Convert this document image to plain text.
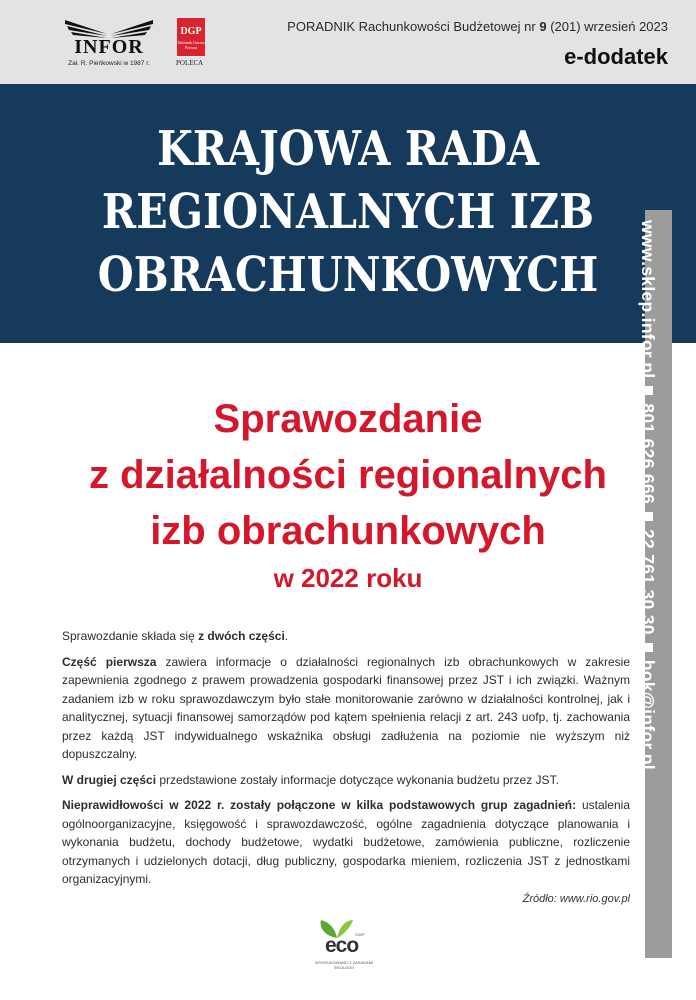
INFOR
Zał. R. Pieńkowski w 1987 r.
DGP
Dziennik Gazeta Prawna
POLECA
PORADNIK Rachunkowości Budżetowej nr 9 (201) wrzesień 2023
e-dodatek
KRAJOWA RADA
REGIONALNYCH IZB
OBRACHUNKOWYCH	www.sklep.infor.pl801 626 66622 761 30 30bok@infor.pl
Sprawozdanie
z działalności regionalnych
izb obrachunkowych
w 2022 roku

Sprawozdanie składa się z dwóch części.

Część pierwsza zawiera informacje o działalności regionalnych izb obrachunkowych w zakresie zapewnienia zgodnego z prawem prowadzenia gospodarki finansowej przez JST i ich związki. Ważnym zadaniem izb w roku sprawozdawczym było stałe monitorowanie zarówno w działalności kontrolnej, jak i analitycznej, sytuacji finansowej samorządów pod kątem spełnienia relacji z art. 243 uofp, tj. zachowania przez każdą JST indywidualnego wskaźnika obsługi zadłużenia na poziomie nie wyższym niż dopuszczalny.

W drugiej części przedstawione zostały informacje dotyczące wykonania budżetu przez JST.

Nieprawidłowości w 2022 r. zostały połączone w kilka podstawowych grup zagadnień: ustalenia ogólnoorganizacyjne, księgowość i sprawozdawczość, ogólne zagadnienia dotyczące planowania i wykonania budżetu, dochody budżetowe, wydatki budżetowe, zamówienia publiczne, rozliczenie otrzymanych i udzielonych dotacji, dług publiczny, gospodarka mieniem, rozliczenia JST z jednostkami organizacyjnymi.

Źródło: www.rio.gov.pl
GWP
eco
WYDRUKOWANO Z ZASADAMI EKOLOGII
